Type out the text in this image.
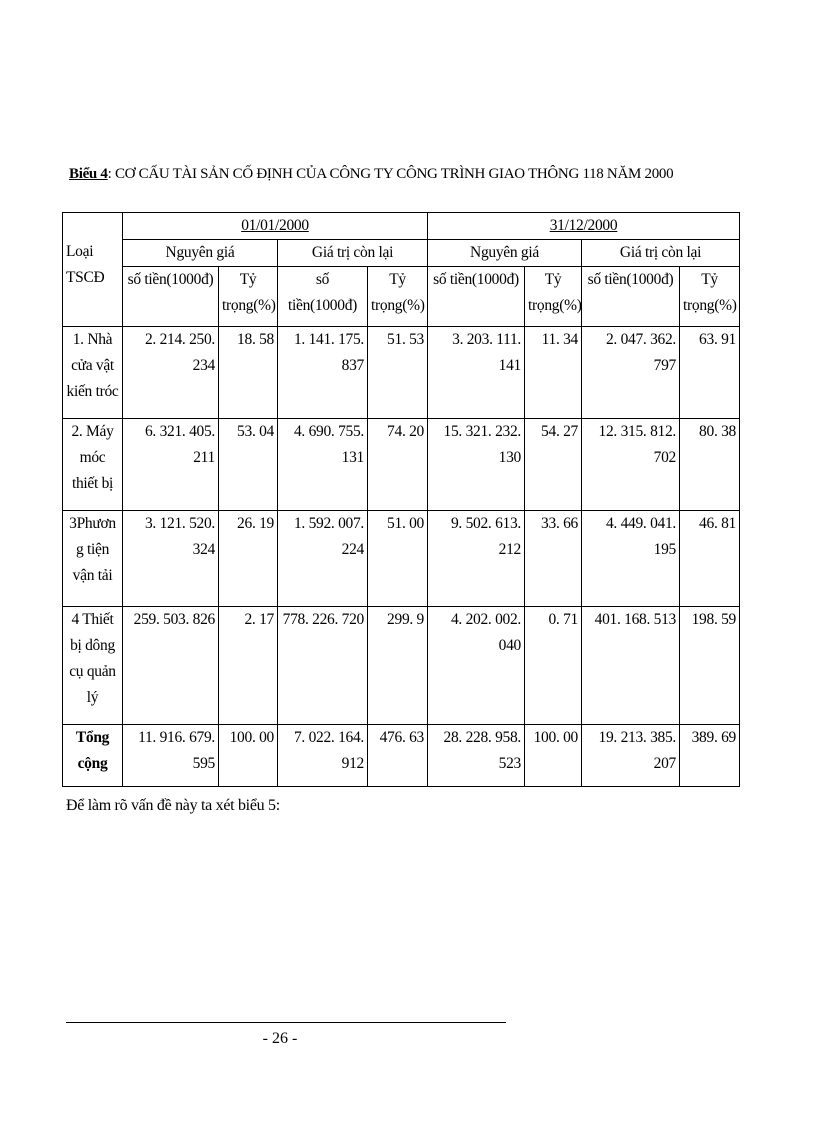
Biểu 4: CƠ CẤU TÀI SẢN CỐ ĐỊNH CỦA CÔNG TY CÔNG TRÌNH GIAO THÔNG 118 NĂM 2000
Loại TSCĐ	01/01/2000				31/12/2000			
	Nguyên giá		Giá trị còn lại		Nguyên giá		Giá trị còn lại	
	số tiền(1000đ)	Tỷ trọng(%)	số tiền(1000đ)	Tỷ trọng(%)	số tiền(1000đ)	Tỷ trọng(%)	số tiền(1000đ)	Tỷ trọng(%)

1. Nhà cửa vật kiến tróc	2. 214. 250. 234	18. 58	1. 141. 175. 837	51. 53	3. 203. 111. 141	11. 34	2. 047. 362. 797	63. 91
2. Máy móc thiết bị	6. 321. 405. 211	53. 04	4. 690. 755. 131	74. 20	15. 321. 232. 130	54. 27	12. 315. 812. 702	80. 38
3Phươn g tiện vận tải	3. 121. 520. 324	26. 19	1. 592. 007. 224	51. 00	9. 502. 613. 212	33. 66	4. 449. 041. 195	46. 81
4 Thiết bị dông cụ quản lý	259. 503. 826	2. 17	778. 226. 720	299. 9	4. 202. 002. 040	0. 71	401. 168. 513	198. 59
Tổng cộng	11. 916. 679. 595	100. 00	7. 022. 164. 912	476. 63	28. 228. 958. 523	100. 00	19. 213. 385. 207	389. 69
Để làm rõ vấn đề này ta xét biểu 5:
- 26 -
